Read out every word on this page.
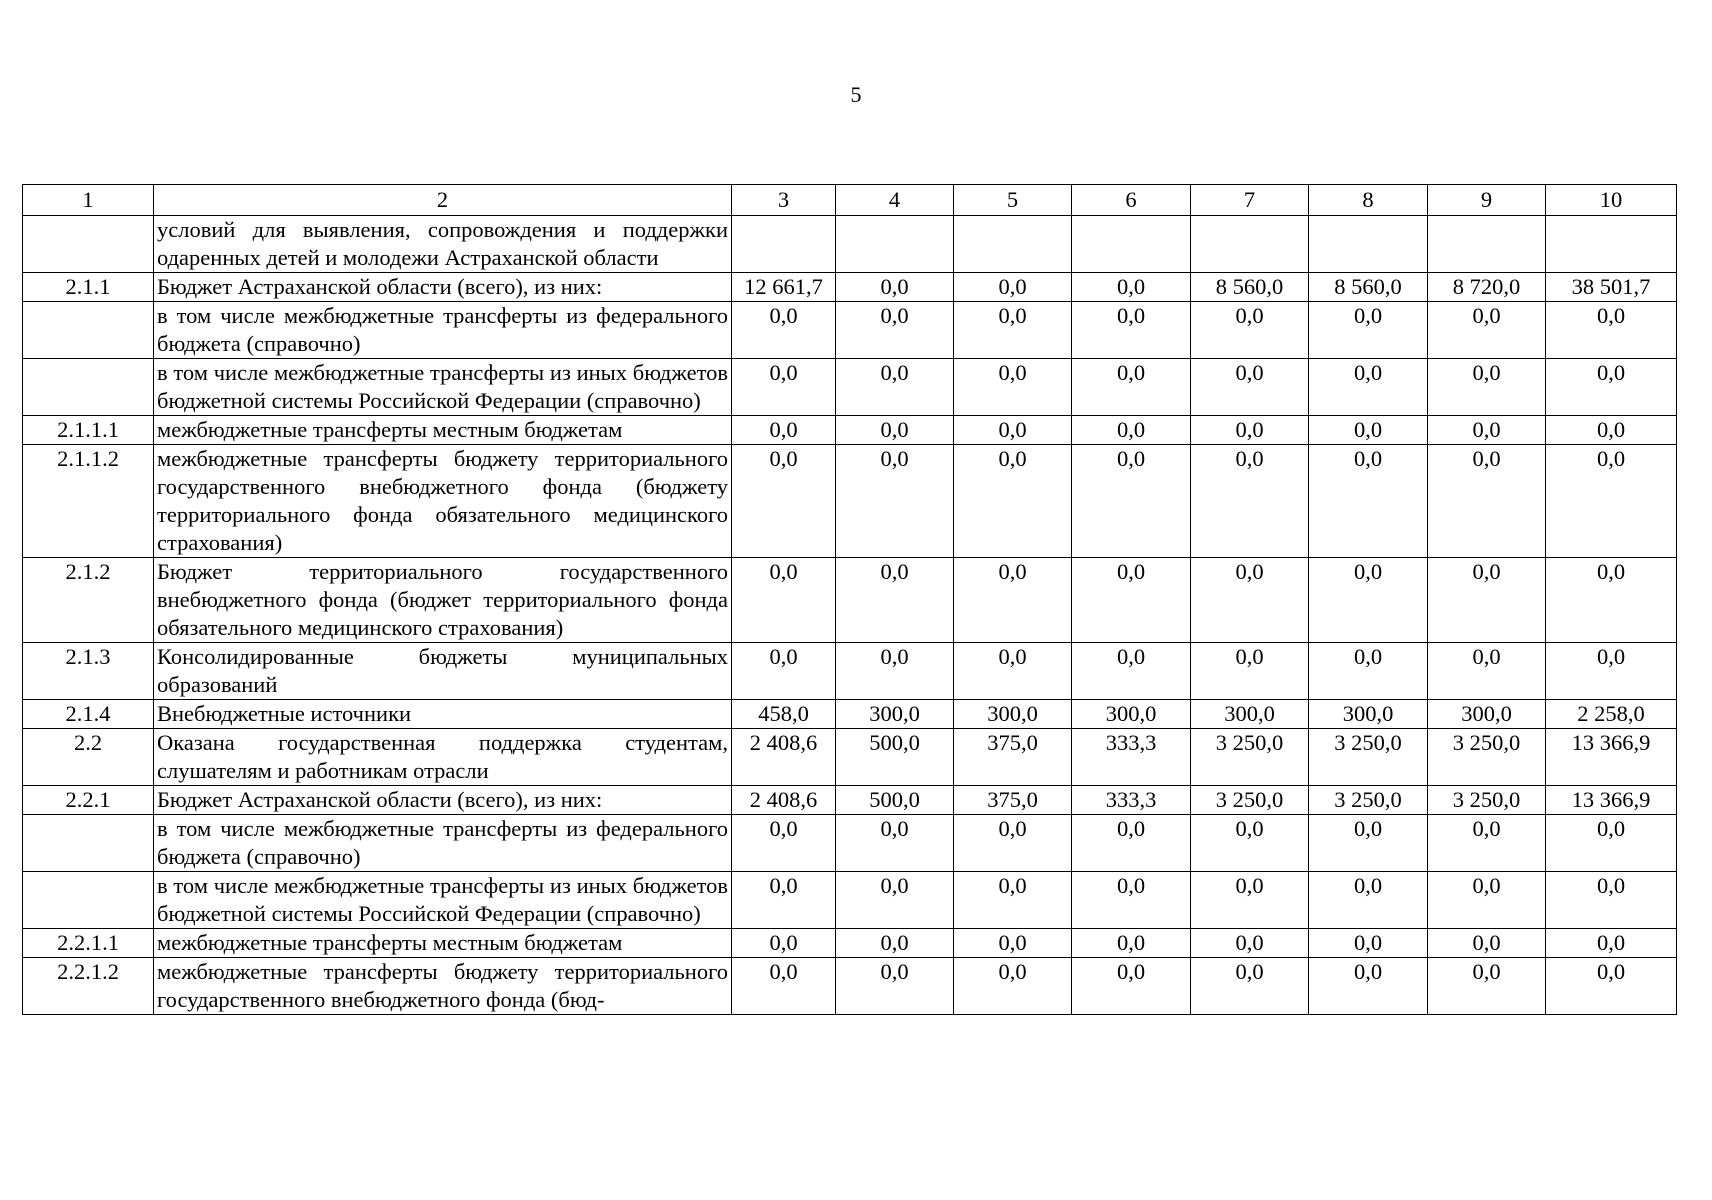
5
1	2	3	4	5	6	7	8	9	10
	условий для выявления, сопровождения и поддержки одаренных детей и молодежи Астраханской области								
2.1.1	Бюджет Астраханской области (всего), из них:	12 661,7	0,0	0,0	0,0	8 560,0	8 560,0	8 720,0	38 501,7
	в том числе межбюджетные трансферты из федерального бюджета (справочно)	0,0	0,0	0,0	0,0	0,0	0,0	0,0	0,0
	в том числе межбюджетные трансферты из иных бюджетов бюджетной системы Российской Федерации (справочно)	0,0	0,0	0,0	0,0	0,0	0,0	0,0	0,0
2.1.1.1	межбюджетные трансферты местным бюджетам	0,0	0,0	0,0	0,0	0,0	0,0	0,0	0,0
2.1.1.2	межбюджетные трансферты бюджету территориального государственного внебюджетного фонда (бюджету территориального фонда обязательного медицинского страхования)	0,0	0,0	0,0	0,0	0,0	0,0	0,0	0,0
2.1.2	Бюджет территориального государственного внебюджетного фонда (бюджет территориального фонда обязательного медицинского страхования)	0,0	0,0	0,0	0,0	0,0	0,0	0,0	0,0
2.1.3	Консолидированные бюджеты муниципальных образований	0,0	0,0	0,0	0,0	0,0	0,0	0,0	0,0
2.1.4	Внебюджетные источники	458,0	300,0	300,0	300,0	300,0	300,0	300,0	2 258,0
2.2	Оказана государственная поддержка студентам, слушателям и работникам отрасли	2 408,6	500,0	375,0	333,3	3 250,0	3 250,0	3 250,0	13 366,9
2.2.1	Бюджет Астраханской области (всего), из них:	2 408,6	500,0	375,0	333,3	3 250,0	3 250,0	3 250,0	13 366,9
	в том числе межбюджетные трансферты из федерального бюджета (справочно)	0,0	0,0	0,0	0,0	0,0	0,0	0,0	0,0
	в том числе межбюджетные трансферты из иных бюджетов бюджетной системы Российской Федерации (справочно)	0,0	0,0	0,0	0,0	0,0	0,0	0,0	0,0
2.2.1.1	межбюджетные трансферты местным бюджетам	0,0	0,0	0,0	0,0	0,0	0,0	0,0	0,0
2.2.1.2	межбюджетные трансферты бюджету территориального государственного внебюджетного фонда (бюд-	0,0	0,0	0,0	0,0	0,0	0,0	0,0	0,0
